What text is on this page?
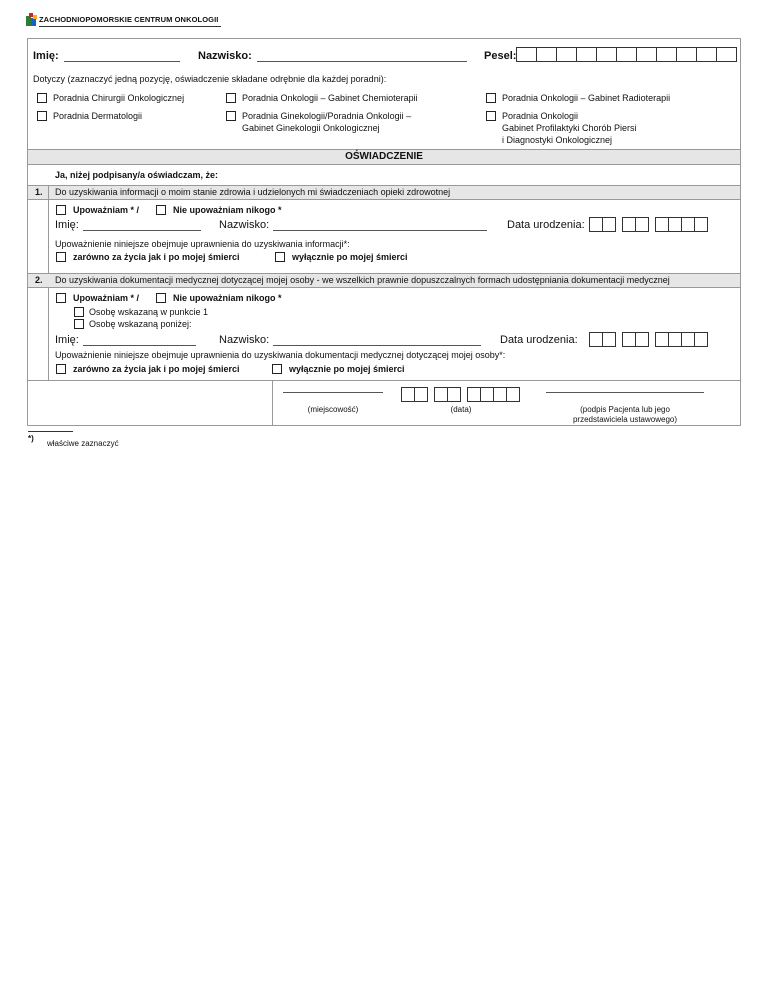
ZACHODNIOPOMORSKIE CENTRUM ONKOLOGII
Imię:	Nazwisko:	Pesel:
Dotyczy (zaznaczyć jedną pozycję, oświadczenie składane odrębnie dla każdej poradni):
Poradnia Chirurgii Onkologicznej	Poradnia Onkologii – Gabinet Chemioterapii	Poradnia Onkologii – Gabinet Radioterapii
Poradnia Dermatologii	Poradnia Ginekologii/Poradnia Onkologii –
Gabinet Ginekologii Onkologicznej
Poradnia Onkologii
Gabinet Profilaktyki Chorób Piersi
i Diagnostyki Onkologicznej
OŚWIADCZENIE
Ja, niżej podpisany/a oświadczam, że:
1. Do uzyskiwania informacji o moim stanie zdrowia i udzielonych mi świadczeniach opieki zdrowotnej
Upoważniam * /	Nie upoważniam nikogo *
Imię:	Nazwisko:	Data urodzenia:
Upoważnienie niniejsze obejmuje uprawnienia do uzyskiwania informacji*:
zarówno za życia jak i po mojej śmierci	wyłącznie po mojej śmierci
2. Do uzyskiwania dokumentacji medycznej dotyczącej mojej osoby - we wszelkich prawnie dopuszczalnych formach udostępniania dokumentacji medycznej
Upoważniam * /	Nie upoważniam nikogo *
Osobę wskazaną w punkcie 1
Osobę wskazaną poniżej:
Imię:	Nazwisko:	Data urodzenia:
Upoważnienie niniejsze obejmuje uprawnienia do uzyskiwania dokumentacji medycznej dotyczącej mojej osoby*:
zarówno za życia jak i po mojej śmierci	wyłącznie po mojej śmierci
(miejscowość)	(data)	(podpis Pacjenta lub jego
przedstawiciela ustawowego)
*)
właściwe zaznaczyć
